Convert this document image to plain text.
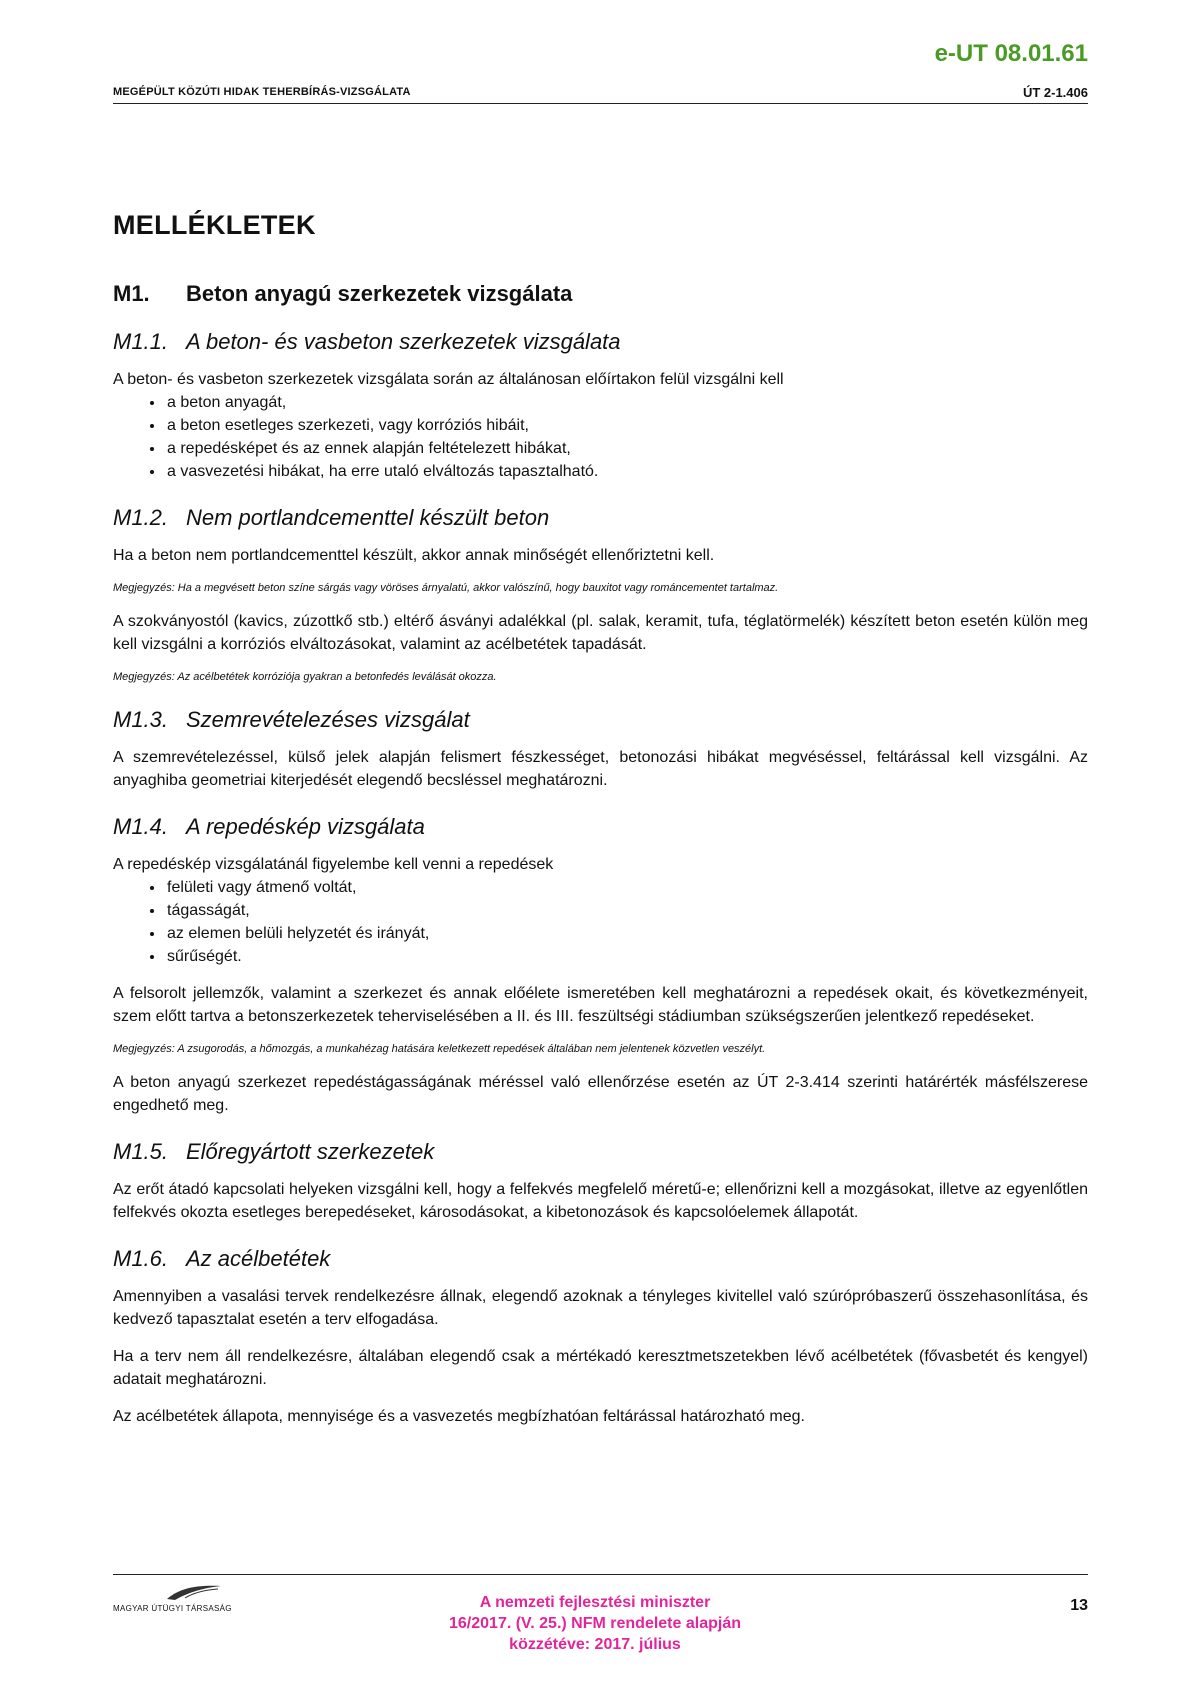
e-UT 08.01.61
MEGÉPÜLT KÖZÚTI HIDAK TEHERBÍRÁS-VIZSGÁLATA	ÚT 2-1.406
MELLÉKLETEK
M1. Beton anyagú szerkezetek vizsgálata
M1.1. A beton- és vasbeton szerkezetek vizsgálata

A beton- és vasbeton szerkezetek vizsgálata során az általánosan előírtakon felül vizsgálni kell

• a beton anyagát,
• a beton esetleges szerkezeti, vagy korróziós hibáit,
• a repedésképet és az ennek alapján feltételezett hibákat,
• a vasvezetési hibákat, ha erre utaló elváltozás tapasztalható.
M1.2. Nem portlandcementtel készült beton

Ha a beton nem portlandcementtel készült, akkor annak minőségét ellenőriztetni kell.

Megjegyzés: Ha a megvésett beton színe sárgás vagy vöröses árnyalatú, akkor valószínű, hogy bauxitot vagy románcementet tartalmaz.

A szokványostól (kavics, zúzottkő stb.) eltérő ásványi adalékkal (pl. salak, keramit, tufa, téglatörmelék) készített beton esetén külön meg kell vizsgálni a korróziós elváltozásokat, valamint az acélbetétek tapadását.

Megjegyzés: Az acélbetétek korróziója gyakran a betonfedés leválását okozza.

M1.3. Szemrevételezéses vizsgálat

A szemrevételezéssel, külső jelek alapján felismert fészkességet, betonozási hibákat megvéséssel, feltárással kell vizsgálni. Az anyaghiba geometriai kiterjedését elegendő becsléssel meghatározni.

M1.4. A repedéskép vizsgálata

A repedéskép vizsgálatánál figyelembe kell venni a repedések

• felületi vagy átmenő voltát,
• tágasságát,
• az elemen belüli helyzetét és irányát,
• sűrűségét.

A felsorolt jellemzők, valamint a szerkezet és annak előélete ismeretében kell meghatározni a repedések okait, és következményeit, szem előtt tartva a betonszerkezetek teherviselésében a II. és III. feszültségi stádiumban szükségszerűen jelentkező repedéseket.

Megjegyzés: A zsugorodás, a hőmozgás, a munkahézag hatására keletkezett repedések általában nem jelentenek közvetlen veszélyt.

A beton anyagú szerkezet repedéstágasságának méréssel való ellenőrzése esetén az ÚT 2-3.414 szerinti határérték másfélszerese engedhető meg.

M1.5. Előregyártott szerkezetek

Az erőt átadó kapcsolati helyeken vizsgálni kell, hogy a felfekvés megfelelő méretű-e; ellenőrizni kell a mozgásokat, illetve az egyenlőtlen felfekvés okozta esetleges berepedéseket, károsodásokat, a kibetonozások és kapcsolóelemek állapotát.

M1.6. Az acélbetétek

Amennyiben a vasalási tervek rendelkezésre állnak, elegendő azoknak a tényleges kivitellel való szúrópróbaszerű összehasonlítása, és kedvező tapasztalat esetén a terv elfogadása.

Ha a terv nem áll rendelkezésre, általában elegendő csak a mértékadó keresztmetszetekben lévő acélbetétek (fővasbetét és kengyel) adatait meghatározni.

Az acélbetétek állapota, mennyisége és a vasvezetés megbízhatóan feltárással határozható meg.

MAGYAR ÚTÜGYI TÁRSASÁG	A nemzeti fejlesztési miniszter
16/2017. (V. 25.) NFM rendelete alapján
közzétéve: 2017. július
13
